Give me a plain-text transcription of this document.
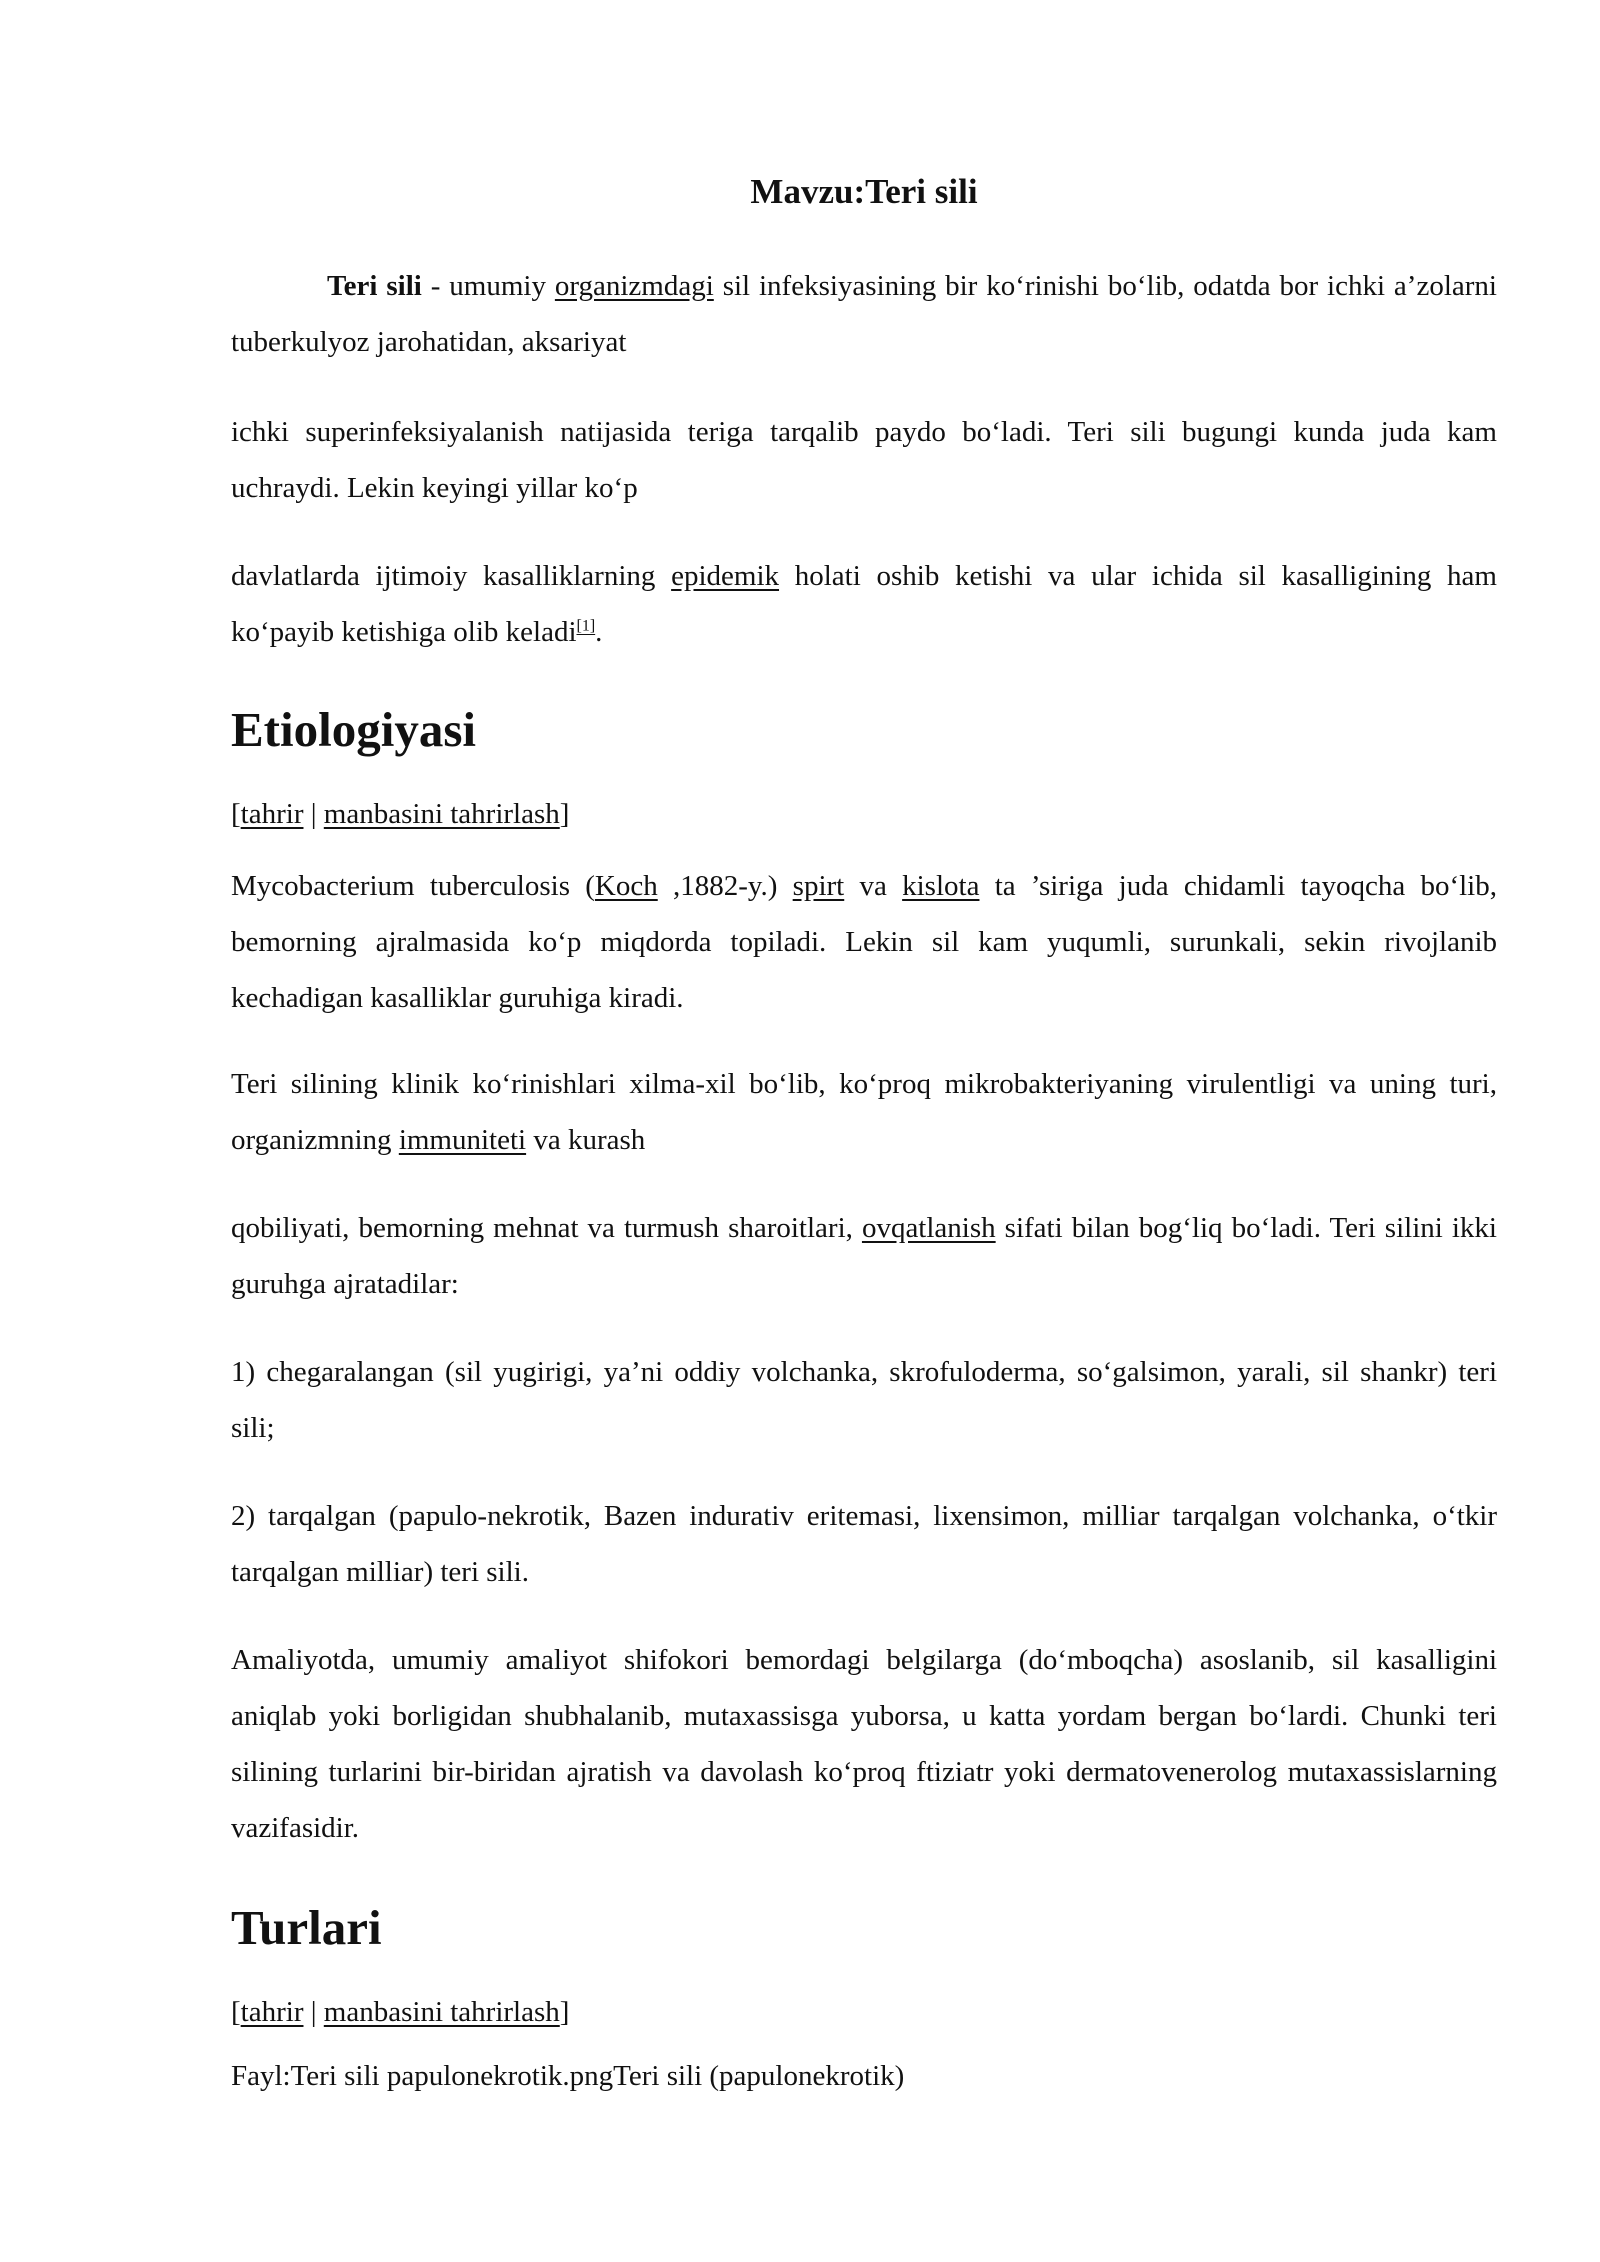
Mavzu:Teri sili

Teri sili - umumiy organizmdagi sil infeksiyasining bir ko‘rinishi bo‘lib, odatda bor ichki a’zolarni tuberkulyoz jarohatidan, aksariyat

ichki superinfeksiyalanish natijasida teriga tarqalib paydo bo‘ladi. Teri sili bugungi kunda juda kam uchraydi. Lekin keyingi yillar ko‘p

davlatlarda ijtimoiy kasalliklarning epidemik holati oshib ketishi va ular ichida sil kasalligining ham ko‘payib ketishiga olib keladi[1].

Etiologiyasi

[tahrir | manbasini tahrirlash]

Mycobacterium tuberculosis (Koch ,1882-y.) spirt va kislota ta ’siriga juda chidamli tayoqcha bo‘lib, bemorning ajralmasida ko‘p miqdorda topiladi. Lekin sil kam yuqumli, surunkali, sekin rivojlanib kechadigan kasalliklar guruhiga kiradi.

Teri silining klinik ko‘rinishlari xilma-xil bo‘lib, ko‘proq mikrobakteriyaning virulentligi va uning turi, organizmning immuniteti va kurash

qobiliyati, bemorning mehnat va turmush sharoitlari, ovqatlanish sifati bilan bog‘liq bo‘ladi. Teri silini ikki guruhga ajratadilar:

1) chegaralangan (sil yugirigi, ya’ni oddiy volchanka, skrofuloderma, so‘galsimon, yarali, sil shankr) teri sili;

2) tarqalgan (papulo-nekrotik, Bazen indurativ eritemasi, lixensimon, milliar tarqalgan volchanka, o‘tkir tarqalgan milliar) teri sili.

Amaliyotda, umumiy amaliyot shifokori bemordagi belgilarga (do‘mboqcha) asoslanib, sil kasalligini aniqlab yoki borligidan shubhalanib, mutaxassisga yuborsa, u katta yordam bergan bo‘lardi. Chunki teri silining turlarini bir-biridan ajratish va davolash ko‘proq ftiziatr yoki dermatovenerolog mutaxassislarning vazifasidir.

Turlari

[tahrir | manbasini tahrirlash]

Fayl:Teri sili papulonekrotik.pngTeri sili (papulonekrotik)
